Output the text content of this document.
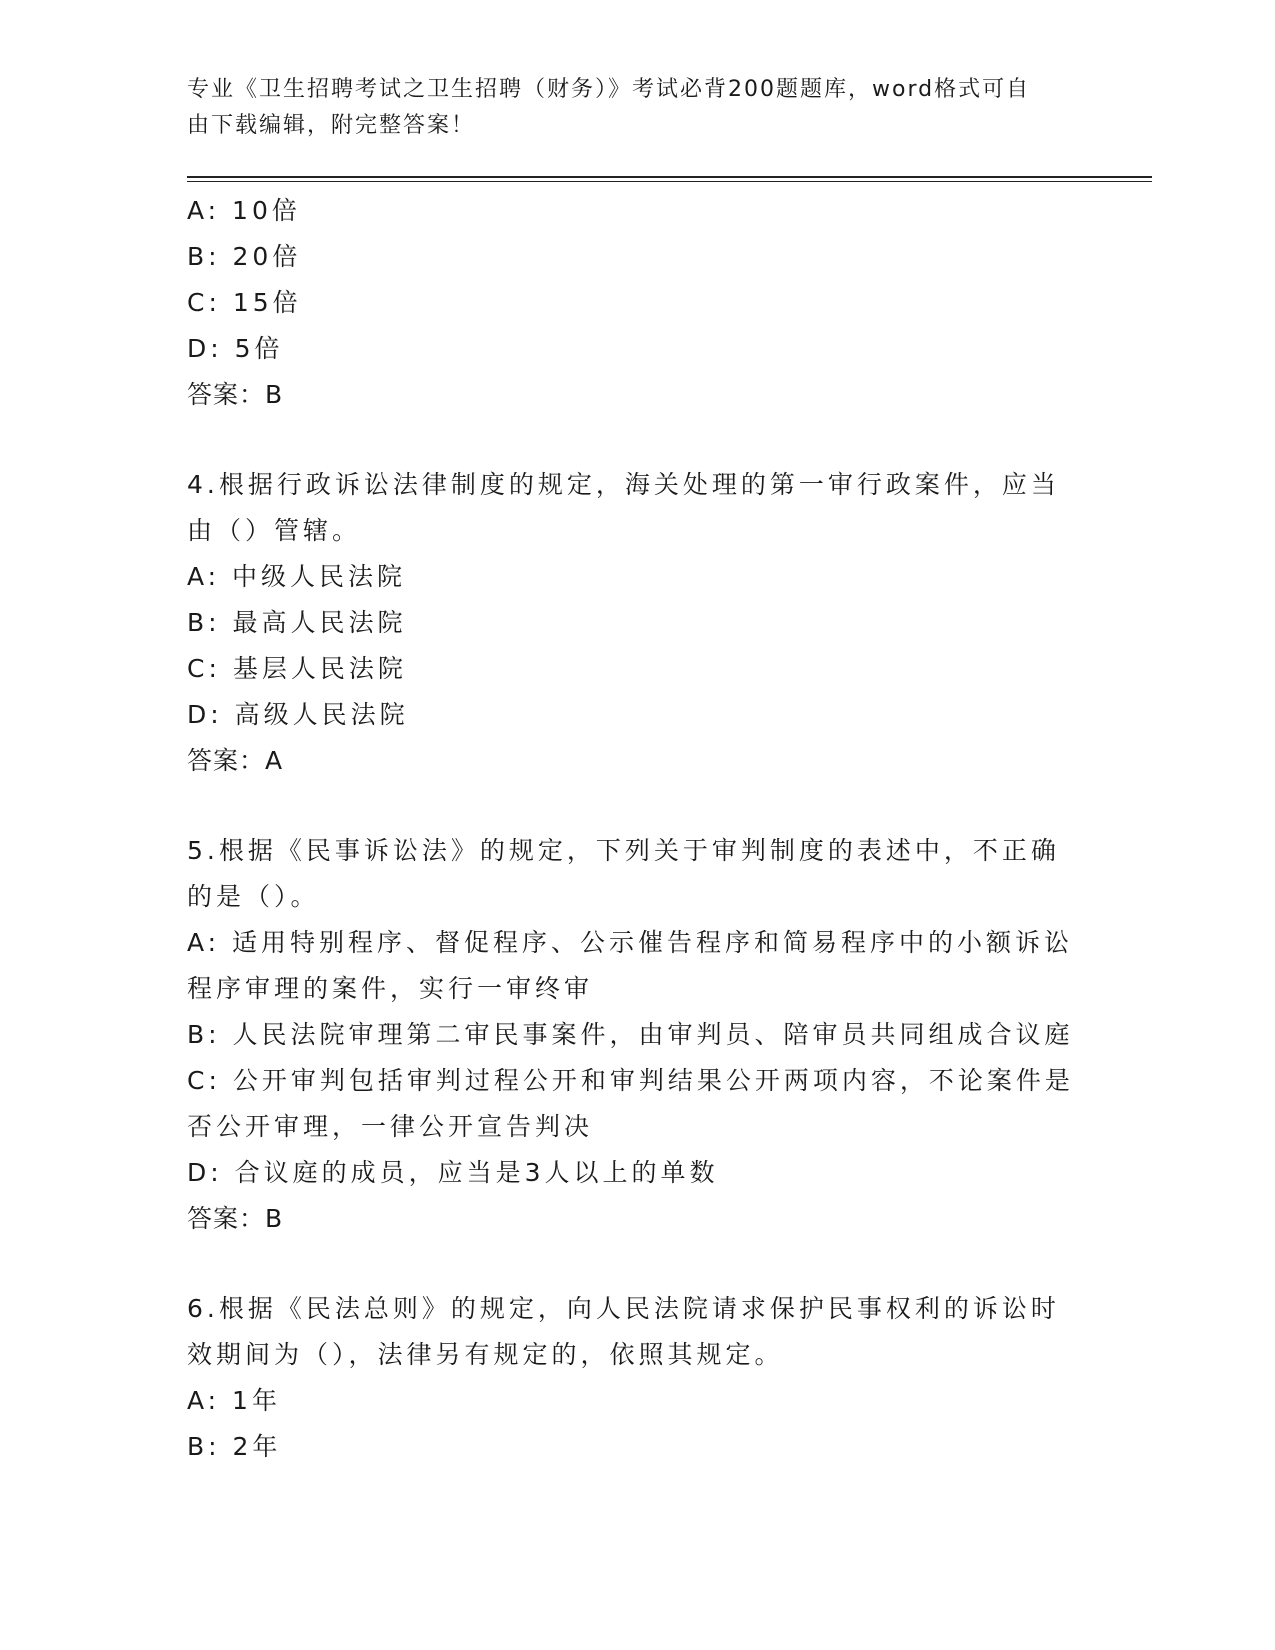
专业《卫生招聘考试之卫生招聘（财务）》考试必背200题题库，word格式可自
由下载编辑，附完整答案！
A: 10倍
B: 20倍
C: 15倍
D: 5倍
答案：B
4.根据行政诉讼法律制度的规定，海关处理的第一审行政案件，应当
由（）管辖。
A: 中级人民法院
B: 最高人民法院
C: 基层人民法院
D: 高级人民法院
答案：A
5.根据《民事诉讼法》的规定，下列关于审判制度的表述中，不正确
的是（）。
A: 适用特别程序、督促程序、公示催告程序和简易程序中的小额诉讼
程序审理的案件，实行一审终审
B: 人民法院审理第二审民事案件，由审判员、陪审员共同组成合议庭
C: 公开审判包括审判过程公开和审判结果公开两项内容，不论案件是
否公开审理，一律公开宣告判决
D: 合议庭的成员，应当是3人以上的单数
答案：B
6.根据《民法总则》的规定，向人民法院请求保护民事权利的诉讼时
效期间为（），法律另有规定的，依照其规定。
A: 1年
B: 2年
